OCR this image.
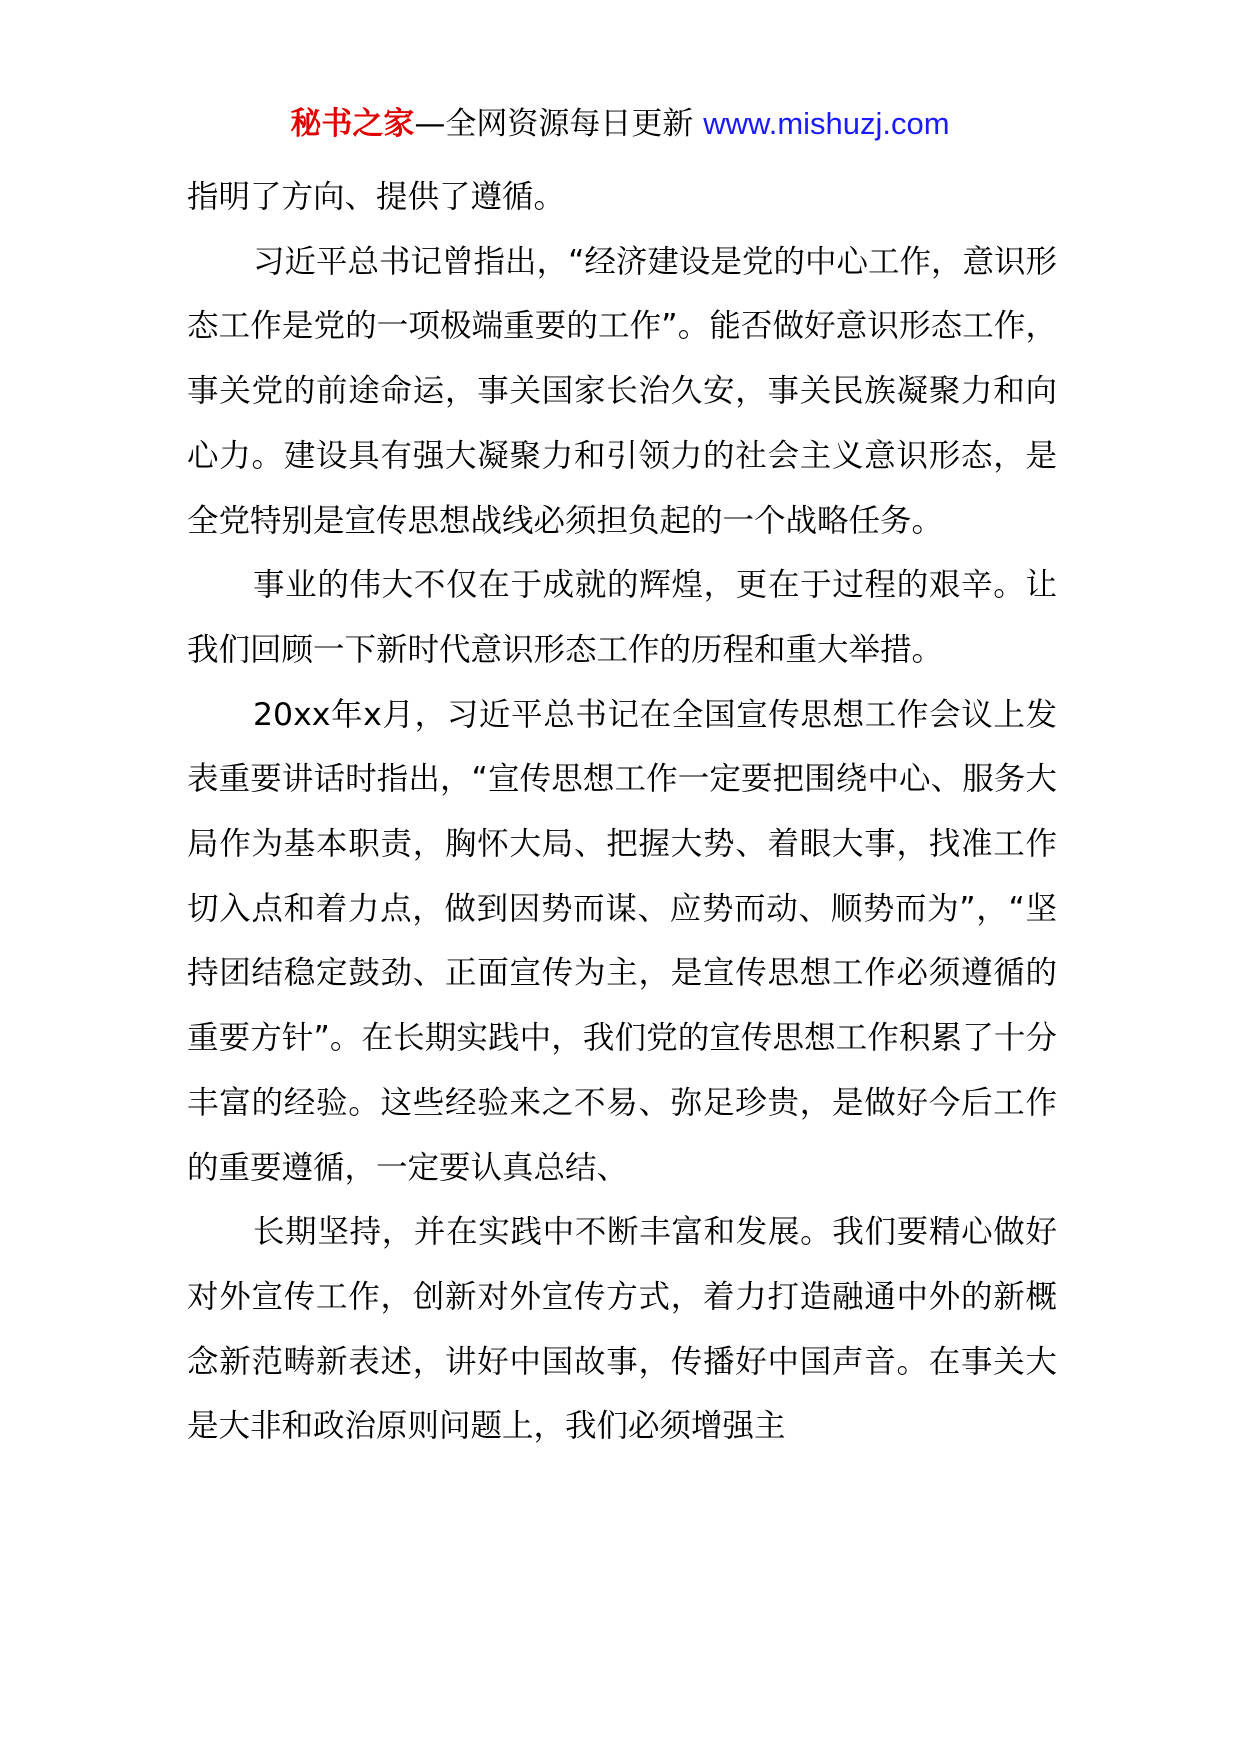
秘书之家—全网资源每日更新 www.mishuzj.com

指明了方向、提供了遵循。

习近平总书记曾指出，“经济建设是党的中心工作，意识形态工作是党的一项极端重要的工作”。能否做好意识形态工作，事关党的前途命运，事关国家长治久安，事关民族凝聚力和向心力。建设具有强大凝聚力和引领力的社会主义意识形态，是全党特别是宣传思想战线必须担负起的一个战略任务。

事业的伟大不仅在于成就的辉煌，更在于过程的艰辛。让我们回顾一下新时代意识形态工作的历程和重大举措。

20xx年x月，习近平总书记在全国宣传思想工作会议上发表重要讲话时指出，“宣传思想工作一定要把围绕中心、服务大局作为基本职责，胸怀大局、把握大势、着眼大事，找准工作切入点和着力点，做到因势而谋、应势而动、顺势而为”，“坚持团结稳定鼓劲、正面宣传为主，是宣传思想工作必须遵循的重要方针”。在长期实践中，我们党的宣传思想工作积累了十分丰富的经验。这些经验来之不易、弥足珍贵，是做好今后工作的重要遵循，一定要认真总结、

长期坚持，并在实践中不断丰富和发展。我们要精心做好对外宣传工作，创新对外宣传方式，着力打造融通中外的新概念新范畴新表述，讲好中国故事，传播好中国声音。在事关大是大非和政治原则问题上，我们必须增强主
